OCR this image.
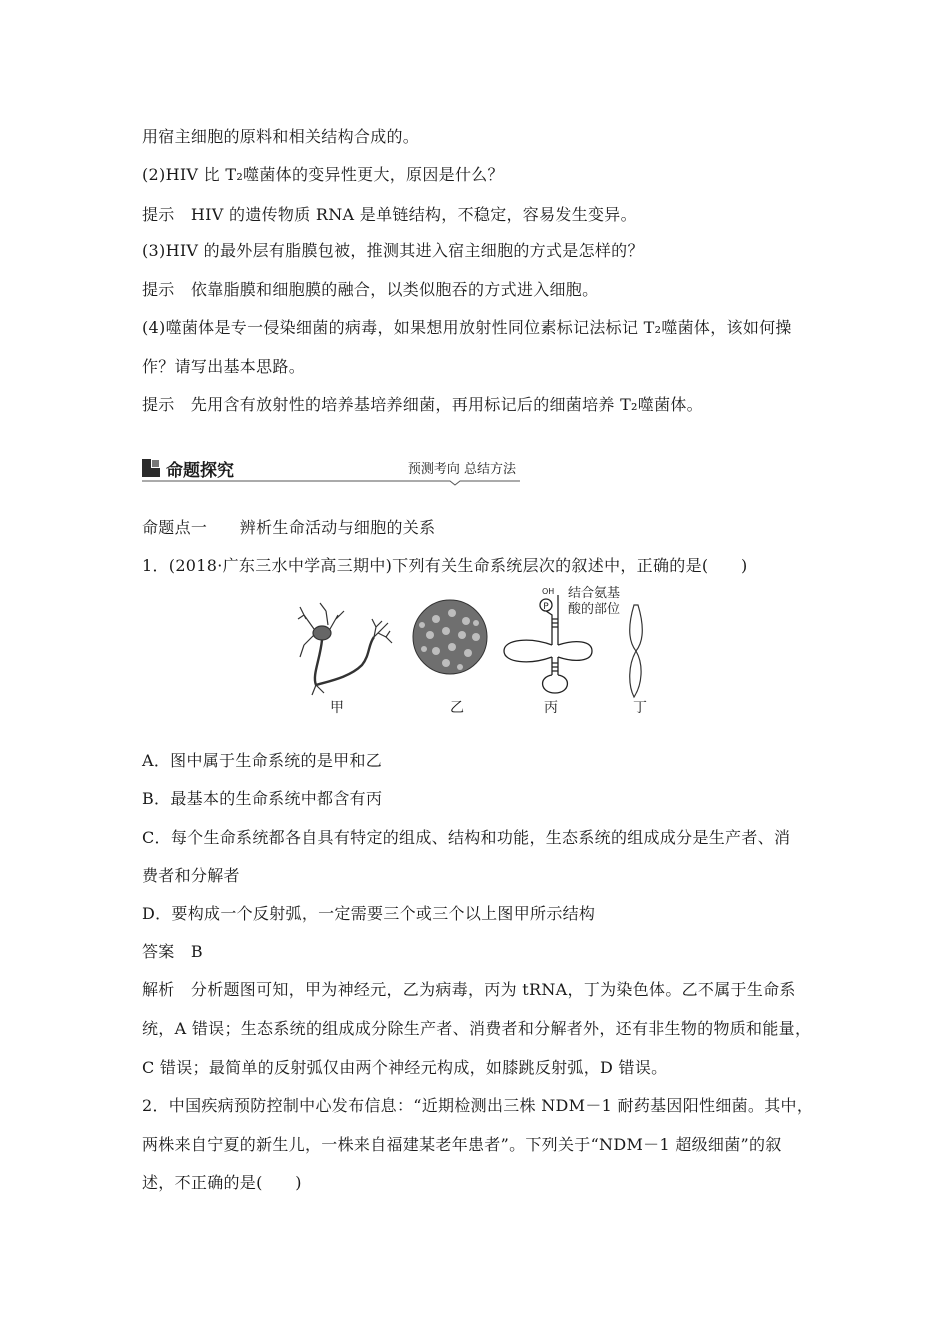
用宿主细胞的原料和相关结构合成的。
(2)HIV 比 T₂噬菌体的变异性更大，原因是什么？
提示　HIV 的遗传物质 RNA 是单链结构，不稳定，容易发生变异。
(3)HIV 的最外层有脂膜包被，推测其进入宿主细胞的方式是怎样的？
提示　依靠脂膜和细胞膜的融合，以类似胞吞的方式进入细胞。
(4)噬菌体是专一侵染细菌的病毒，如果想用放射性同位素标记法标记 T₂噬菌体，该如何操
作？请写出基本思路。
提示　先用含有放射性的培养基培养细菌，再用标记后的细菌培养 T₂噬菌体。
命题探究	预测考向 总结方法
命题点一　　辨析生命活动与细胞的关系
1．(2018·广东三水中学高三期中)下列有关生命系统层次的叙述中，正确的是(　　)
P
OH 结合氨基
酸的部位
甲	乙	丙	丁
A．图中属于生命系统的是甲和乙
B．最基本的生命系统中都含有丙
C．每个生命系统都各自具有特定的组成、结构和功能，生态系统的组成成分是生产者、消
费者和分解者
D．要构成一个反射弧，一定需要三个或三个以上图甲所示结构
答案　B
解析　分析题图可知，甲为神经元，乙为病毒，丙为 tRNA，丁为染色体。乙不属于生命系
统，A 错误；生态系统的组成成分除生产者、消费者和分解者外，还有非生物的物质和能量，
C 错误；最简单的反射弧仅由两个神经元构成，如膝跳反射弧，D 错误。
2．中国疾病预防控制中心发布信息：“近期检测出三株 NDM－1 耐药基因阳性细菌。其中，
两株来自宁夏的新生儿，一株来自福建某老年患者”。下列关于“NDM－1 超级细菌”的叙
述，不正确的是(　　)
